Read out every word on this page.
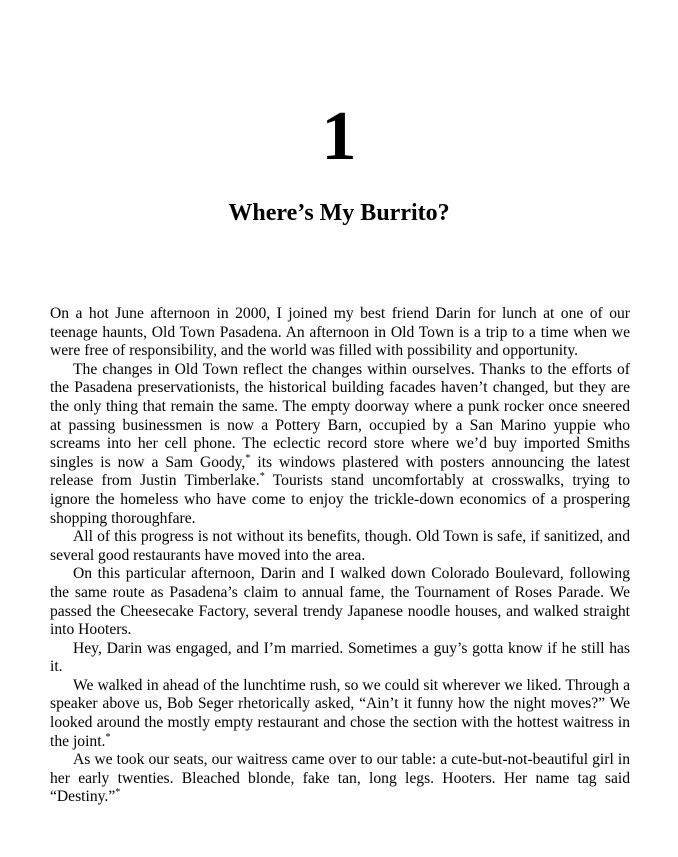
1
Where’s My Burrito?

On a hot June afternoon in 2000, I joined my best friend Darin for lunch at one of our teenage haunts, Old Town Pasadena. An afternoon in Old Town is a trip to a time when we were free of responsibility, and the world was filled with possibility and opportunity.

The changes in Old Town reflect the changes within ourselves. Thanks to the efforts of the Pasadena preservationists, the historical building facades haven’t changed, but they are the only thing that remain the same. The empty doorway where a punk rocker once sneered at passing businessmen is now a Pottery Barn, occupied by a San Marino yuppie who screams into her cell phone. The eclectic record store where we’d buy imported Smiths singles is now a Sam Goody,* its windows plastered with posters announcing the latest release from Justin Timberlake.* Tourists stand uncomfortably at crosswalks, trying to ignore the homeless who have come to enjoy the trickle-down economics of a prospering shopping thoroughfare.

All of this progress is not without its benefits, though. Old Town is safe, if sanitized, and several good restaurants have moved into the area.

On this particular afternoon, Darin and I walked down Colorado Boulevard, following the same route as Pasadena’s claim to annual fame, the Tournament of Roses Parade. We passed the Cheesecake Factory, several trendy Japanese noodle houses, and walked straight into Hooters.

Hey, Darin was engaged, and I’m married. Sometimes a guy’s gotta know if he still has it.

We walked in ahead of the lunchtime rush, so we could sit wherever we liked. Through a speaker above us, Bob Seger rhetorically asked, “Ain’t it funny how the night moves?” We looked around the mostly empty restaurant and chose the section with the hottest waitress in the joint.*

As we took our seats, our waitress came over to our table: a cute-but-not-beautiful girl in her early twenties. Bleached blonde, fake tan, long legs. Hooters. Her name tag said “Destiny.”*
